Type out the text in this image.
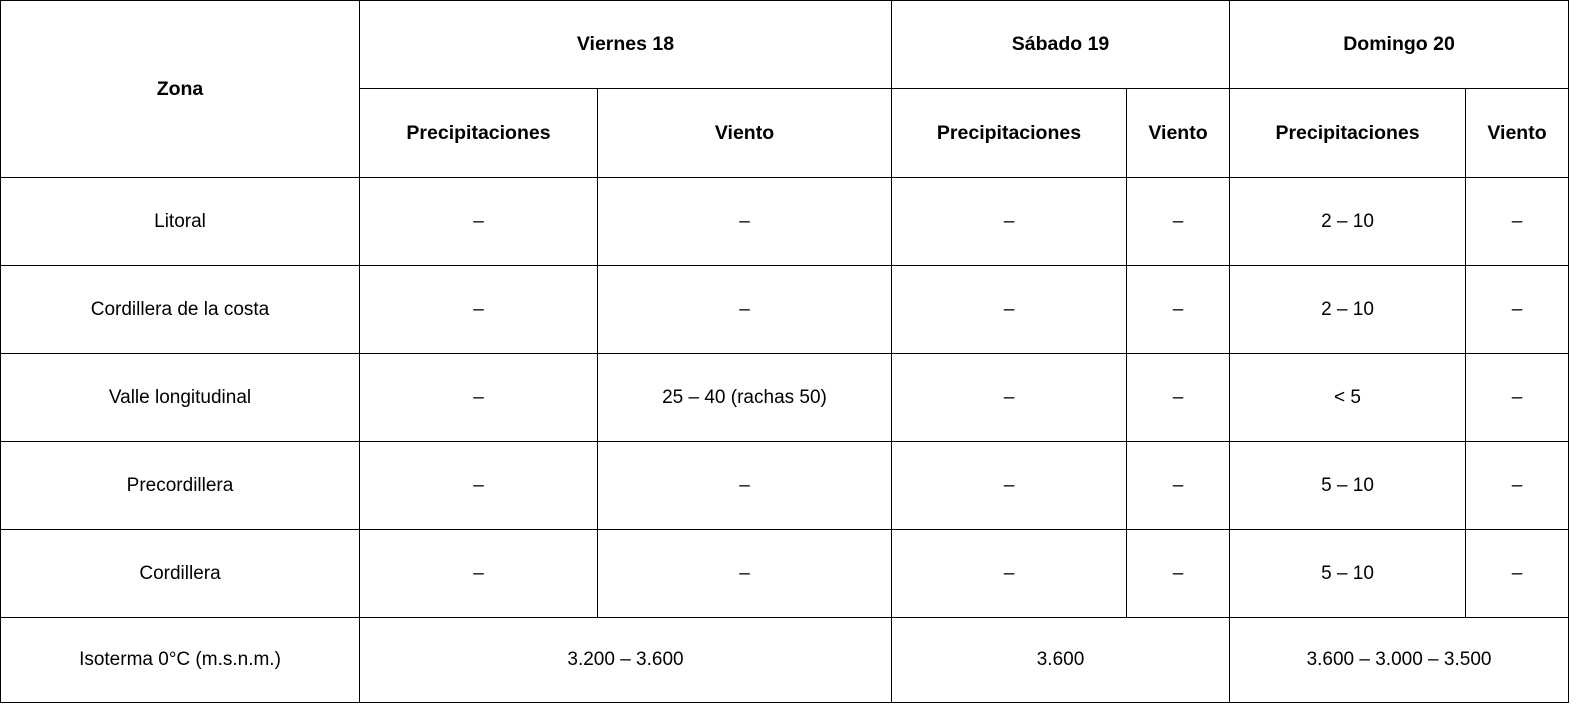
Zona	Viernes 18		Sábado 19		Domingo 20	
	Precipitaciones	Viento	Precipitaciones	Viento	Precipitaciones	Viento
Litoral	–	–	–	–	2 – 10	–
Cordillera de la costa	–	–	–	–	2 – 10	–
Valle longitudinal	–	25 – 40 (rachas 50)	–	–	< 5	–
Precordillera	–	–	–	–	5 – 10	–
Cordillera	–	–	–	–	5 – 10	–
Isoterma 0°C (m.s.n.m.)	3.200 – 3.600		3.600		3.600 – 3.000 – 3.500	
